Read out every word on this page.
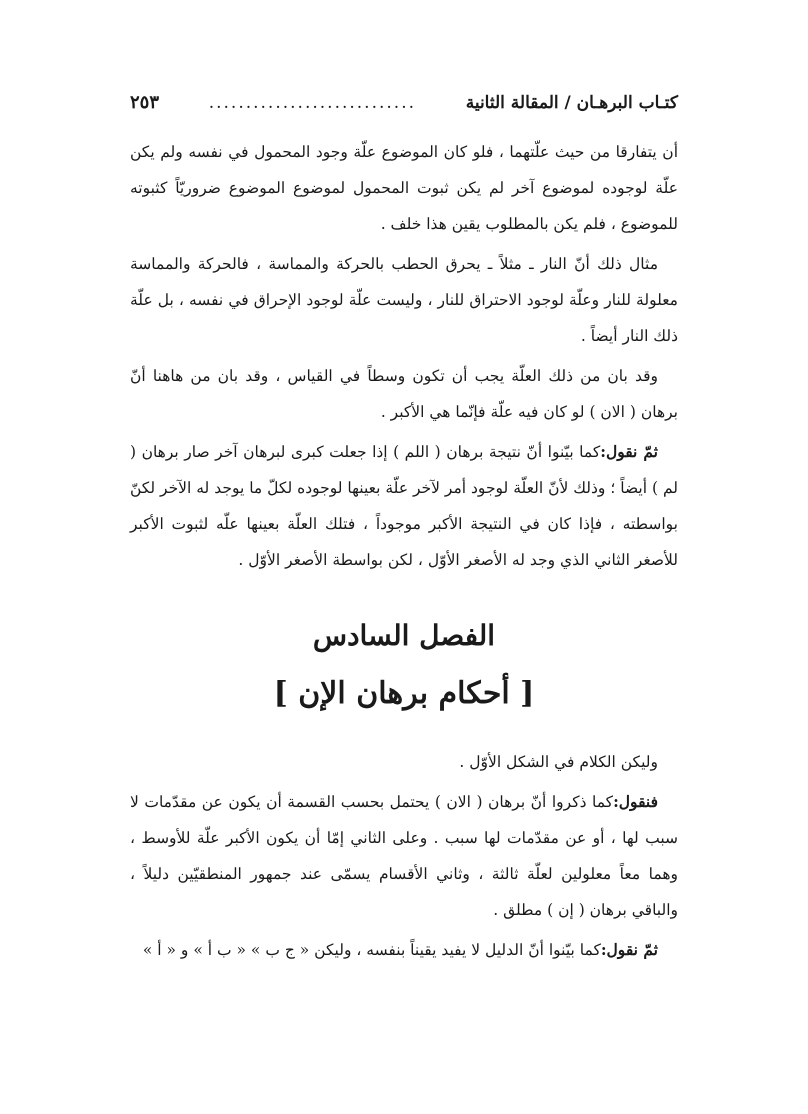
كتـاب البرهـان / المقالة الثانية
............................
٢٥٣

أن يتفارقا من حيث علّتهما ، فلو كان الموضوع علّة وجود المحمول في نفسه ولم يكن علّة لوجوده لموضوع آخر لم يكن ثبوت المحمول لموضوع الموضوع ضروريّاً كثبوته للموضوع ، فلم يكن بالمطلوب يقين هذا خلف .

مثال ذلك أنّ النار ـ مثلاً ـ يحرق الحطب بالحركة والمماسة ، فالحركة والمماسة معلولة للنار وعلّة لوجود الاحتراق للنار ، وليست علّة لوجود الإحراق في نفسه ، بل علّة ذلك النار أيضاً .

وقد بان من ذلك العلّة يجب أن تكون وسطاً في القياس ، وقد بان من هاهنا أنّ برهان ( الان ) لو كان فيه علّة فإنّما هي الأكبر .

ثمّ نقول:كما بيّنوا أنّ نتيجة برهان ( اللم ) إذا جعلت كبرى لبرهان آخر صار برهان ( لم ) أيضاً ؛ وذلك لأنّ العلّة لوجود أمر لآخر علّة بعينها لوجوده لكلّ ما يوجد له الآخر لكنّ بواسطته ، فإذا كان في النتيجة الأكبر موجوداً ، فتلك العلّة بعينها علّه لثبوت الأكبر للأصغر الثاني الذي وجد له الأصغر الأوّل ، لكن بواسطة الأصغر الأوّل .

الفصل السادس
[ أحكام برهان الإن ]

وليكن الكلام في الشكل الأوّل .

فنقول:كما ذكروا أنّ برهان ( الان ) يحتمل بحسب القسمة أن يكون عن مقدّمات لا سبب لها ، أو عن مقدّمات لها سبب . وعلى الثاني إمّا أن يكون الأكبر علّة للأوسط ، وهما معاً معلولين لعلّة ثالثة ، وثاني الأقسام يسمّى عند جمهور المنطقيّين دليلاً ، والباقي برهان ( إن ) مطلق .

ثمّ نقول:كما بيّنوا أنّ الدليل لا يفيد يقيناً بنفسه ، وليكن « ج ب » « ب أ » و « أ »
